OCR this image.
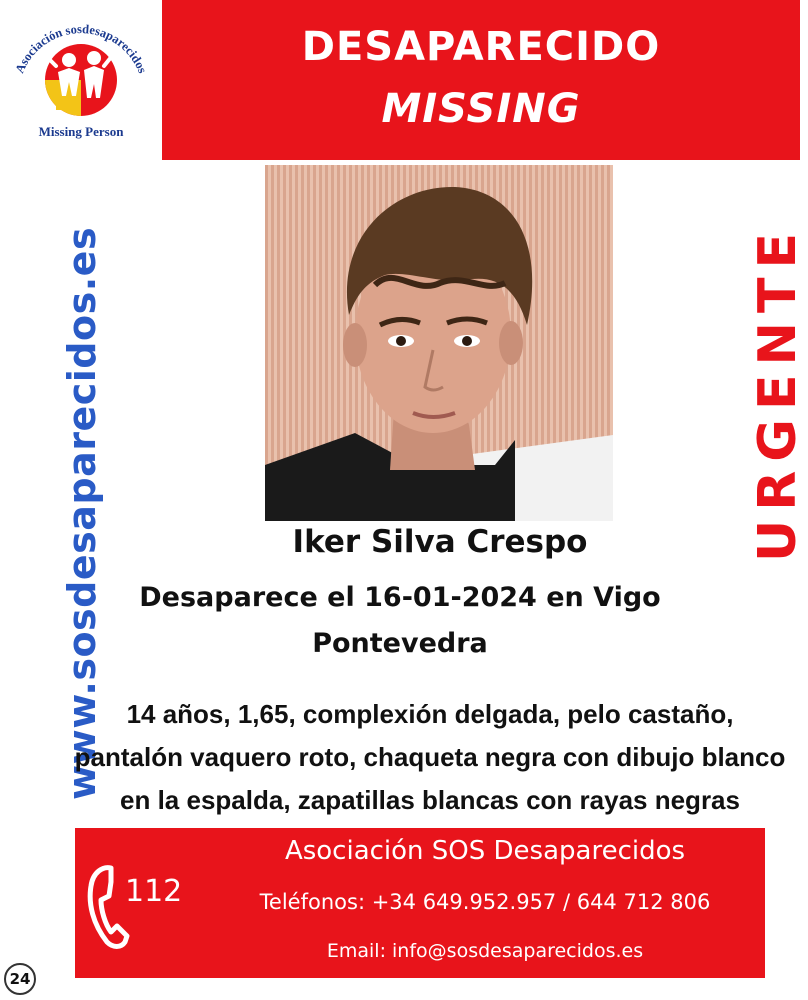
Asociación sosdesaparecidos
Missing Person
DESAPARECIDO
MISSING
www.sosdesaparecidos.es	URGENTE
Iker Silva Crespo
Desaparece el 16-01-2024 en Vigo
Pontevedra
14 años, 1,65, complexión delgada, pelo castaño,
pantalón vaquero roto, chaqueta negra con dibujo blanco
en la espalda, zapatillas blancas con rayas negras
112
Asociación SOS Desaparecidos
Teléfonos: +34 649.952.957 / 644 712 806
Email: info@sosdesaparecidos.es
24
